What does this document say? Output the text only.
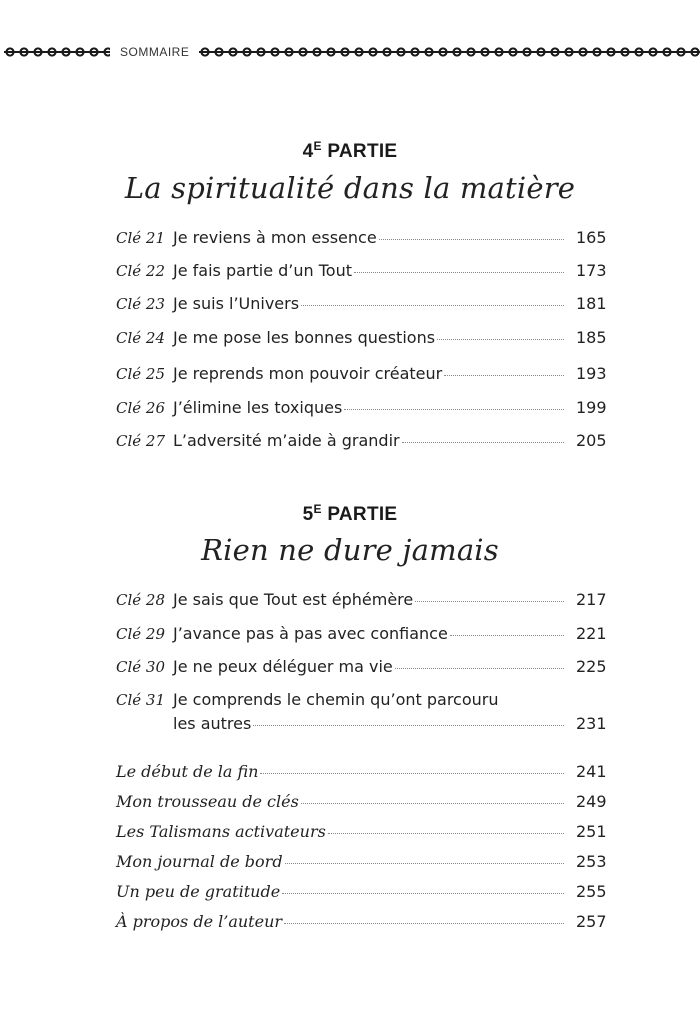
SOMMAIRE
$4^E$ PARTIE
La spiritualité dans la matière
Clé 21 Je reviens à mon essence	165
Clé 22 Je fais partie d’un Tout	173
Clé 23 Je suis l’Univers	181
Clé 24 Je me pose les bonnes questions	185
Clé 25 Je reprends mon pouvoir créateur	193
Clé 26 J’élimine les toxiques	199
Clé 27 L’adversité m’aide à grandir	205
$5^E$ PARTIE
Rien ne dure jamais
Clé 28 Je sais que Tout est éphémère	217
Clé 29 J’avance pas à pas avec confiance	221
Clé 30 Je ne peux déléguer ma vie	225
Clé 31 Je comprends le chemin qu’ont parcouru
les autres	231
Le début de la fin	241
Mon trousseau de clés	249
Les Talismans activateurs	251
Mon journal de bord	253
Un peu de gratitude	255
À propos de l’auteur	257
